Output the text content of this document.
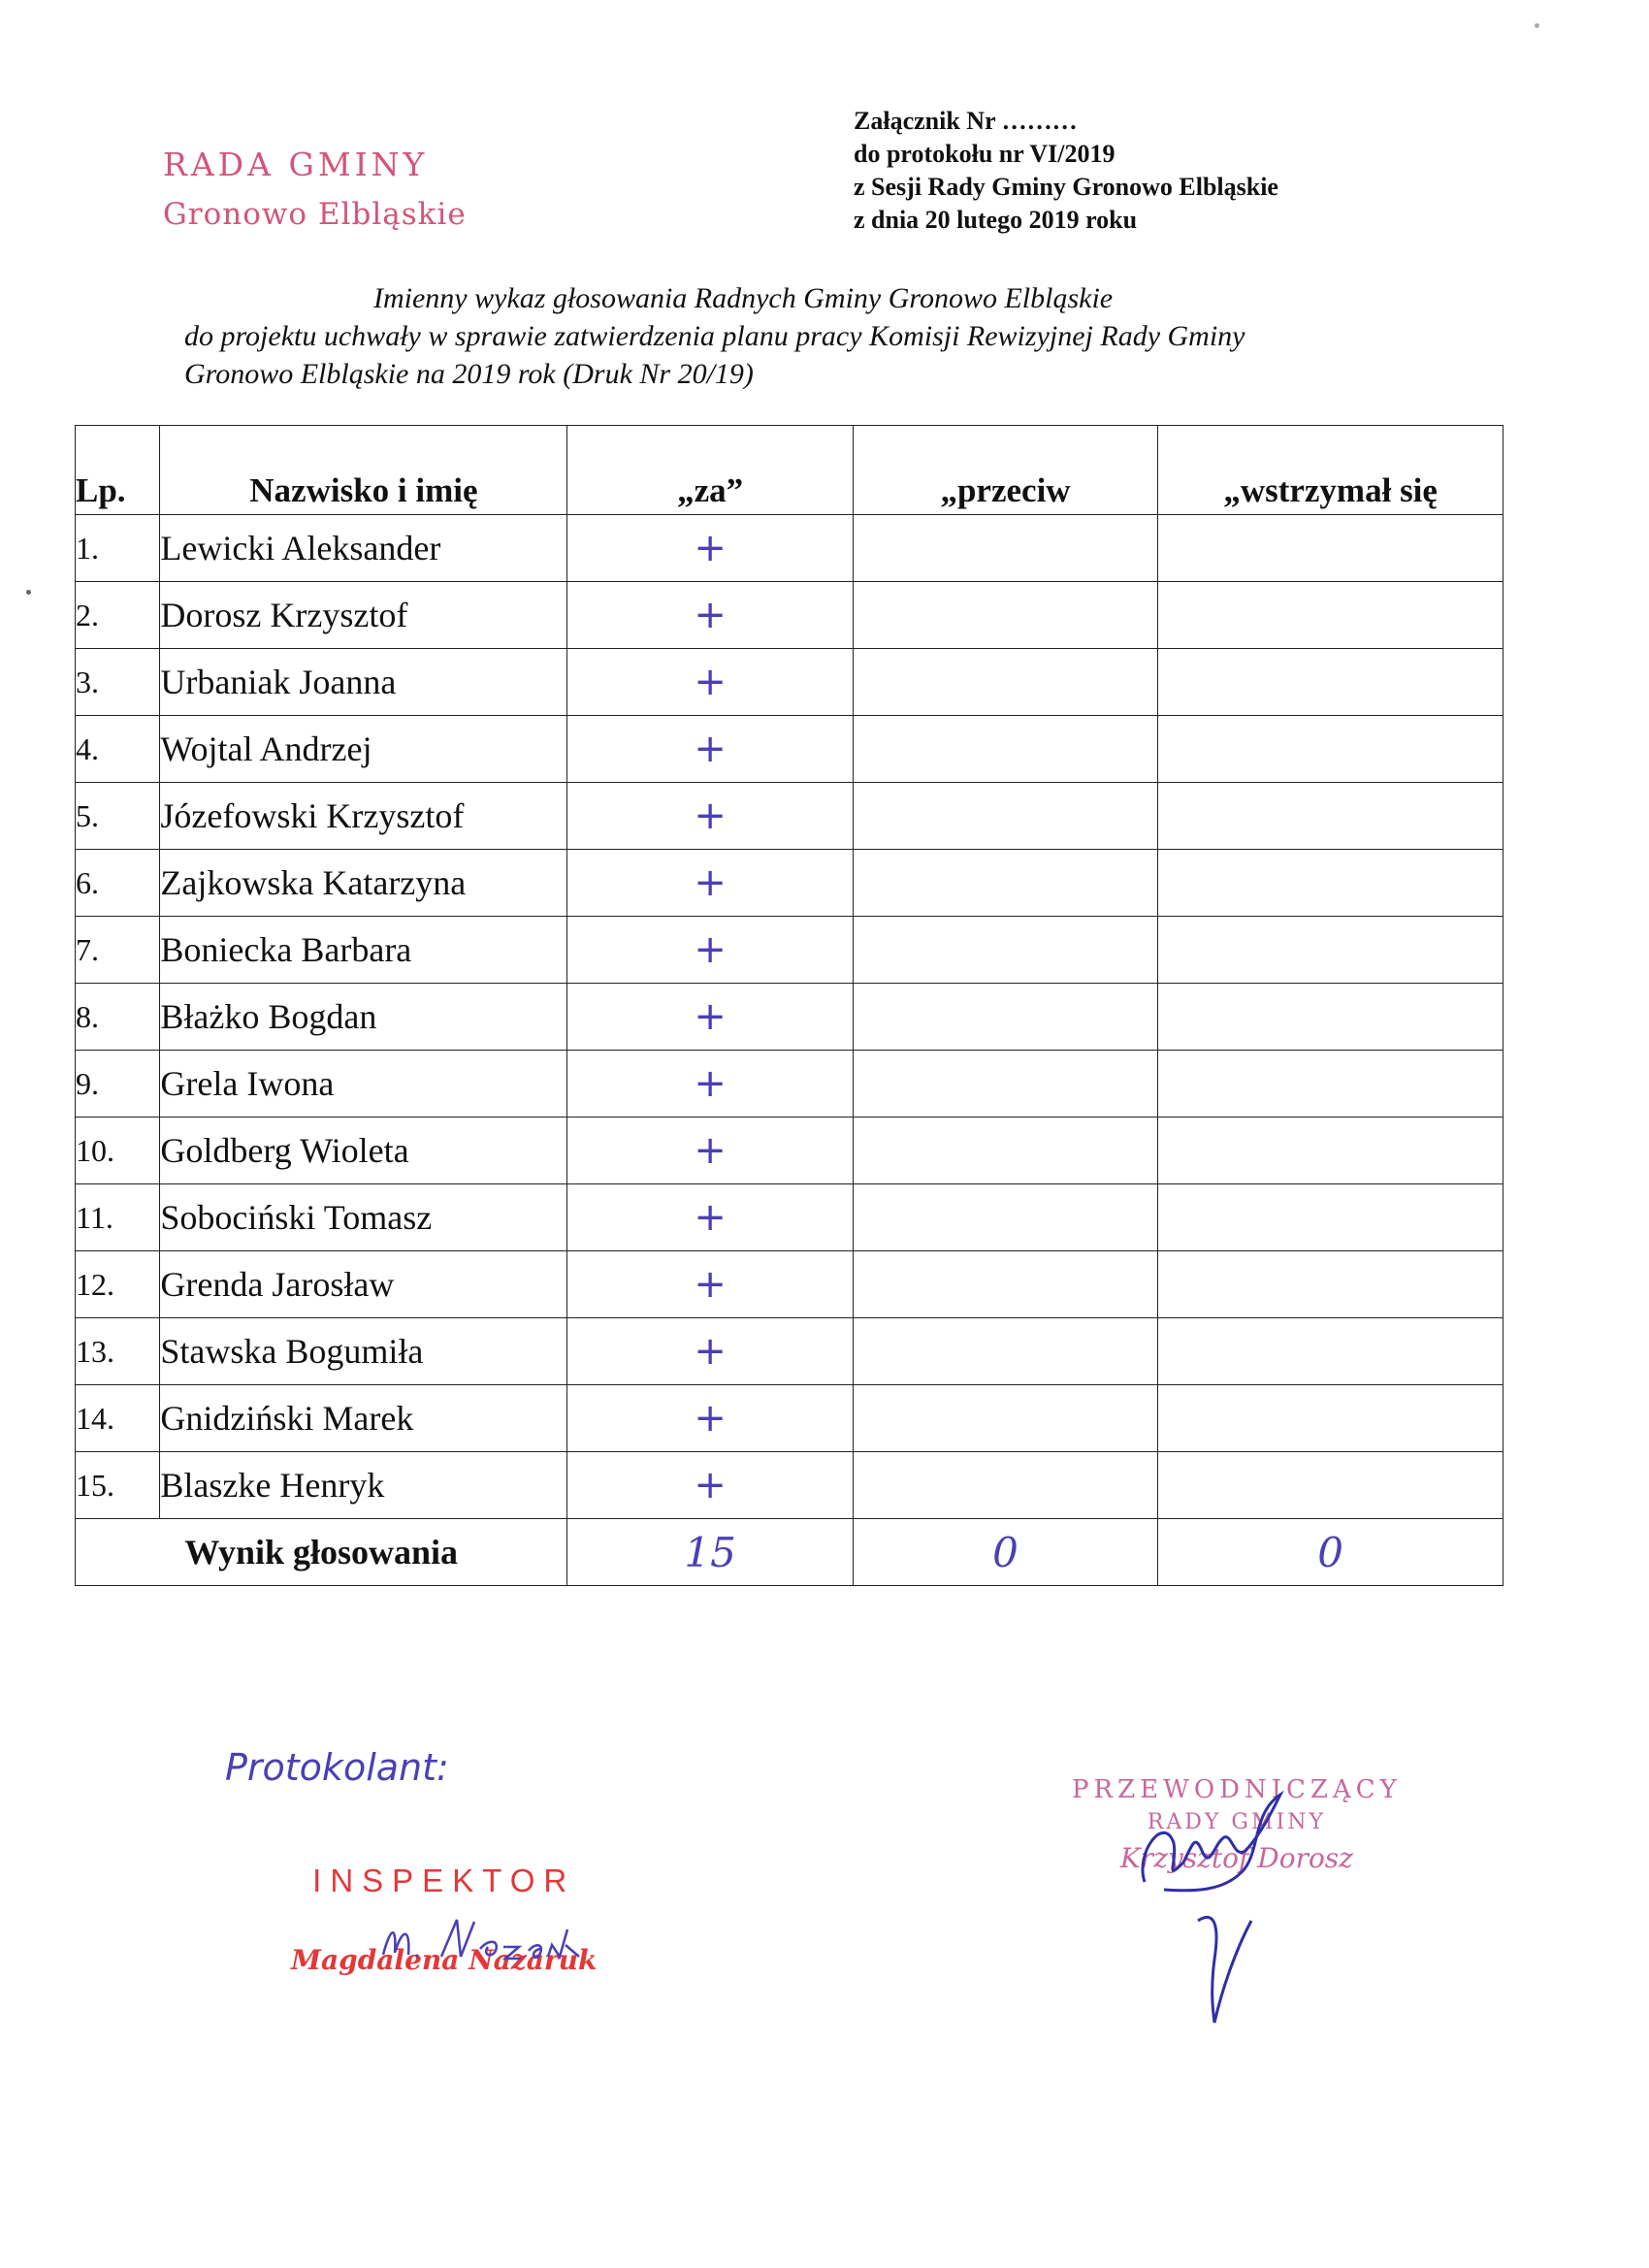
RADA GMINY
Gronowo Elbląskie
Załącznik Nr ………
do protokołu nr VI/2019
z Sesji Rady Gminy Gronowo Elbląskie
z dnia 20 lutego 2019 roku
Imienny wykaz głosowania Radnych Gminy Gronowo Elbląskie
do projektu uchwały w sprawie zatwierdzenia planu pracy Komisji Rewizyjnej Rady Gminy
Gronowo Elbląskie na 2019 rok (Druk Nr 20/19)
Lp.	Nazwisko i imię	„za”	„przeciw	„wstrzymał się
1.	Lewicki Aleksander	+		
2.	Dorosz Krzysztof	+		
3.	Urbaniak Joanna	+		
4.	Wojtal Andrzej	+		
5.	Józefowski Krzysztof	+		
6.	Zajkowska Katarzyna	+		
7.	Boniecka Barbara	+		
8.	Błażko Bogdan	+		
9.	Grela Iwona	+		
10.	Goldberg Wioleta	+		
11.	Sobociński Tomasz	+		
12.	Grenda Jarosław	+		
13.	Stawska Bogumiła	+		
14.	Gnidziński Marek	+		
15.	Blaszke Henryk	+		
Wynik głosowania		15	0	0
Protokolant:
INSPEKTOR
Magdalena Nazaruk
PRZEWODNICZĄCY
RADY GMINY
Krzysztof Dorosz
